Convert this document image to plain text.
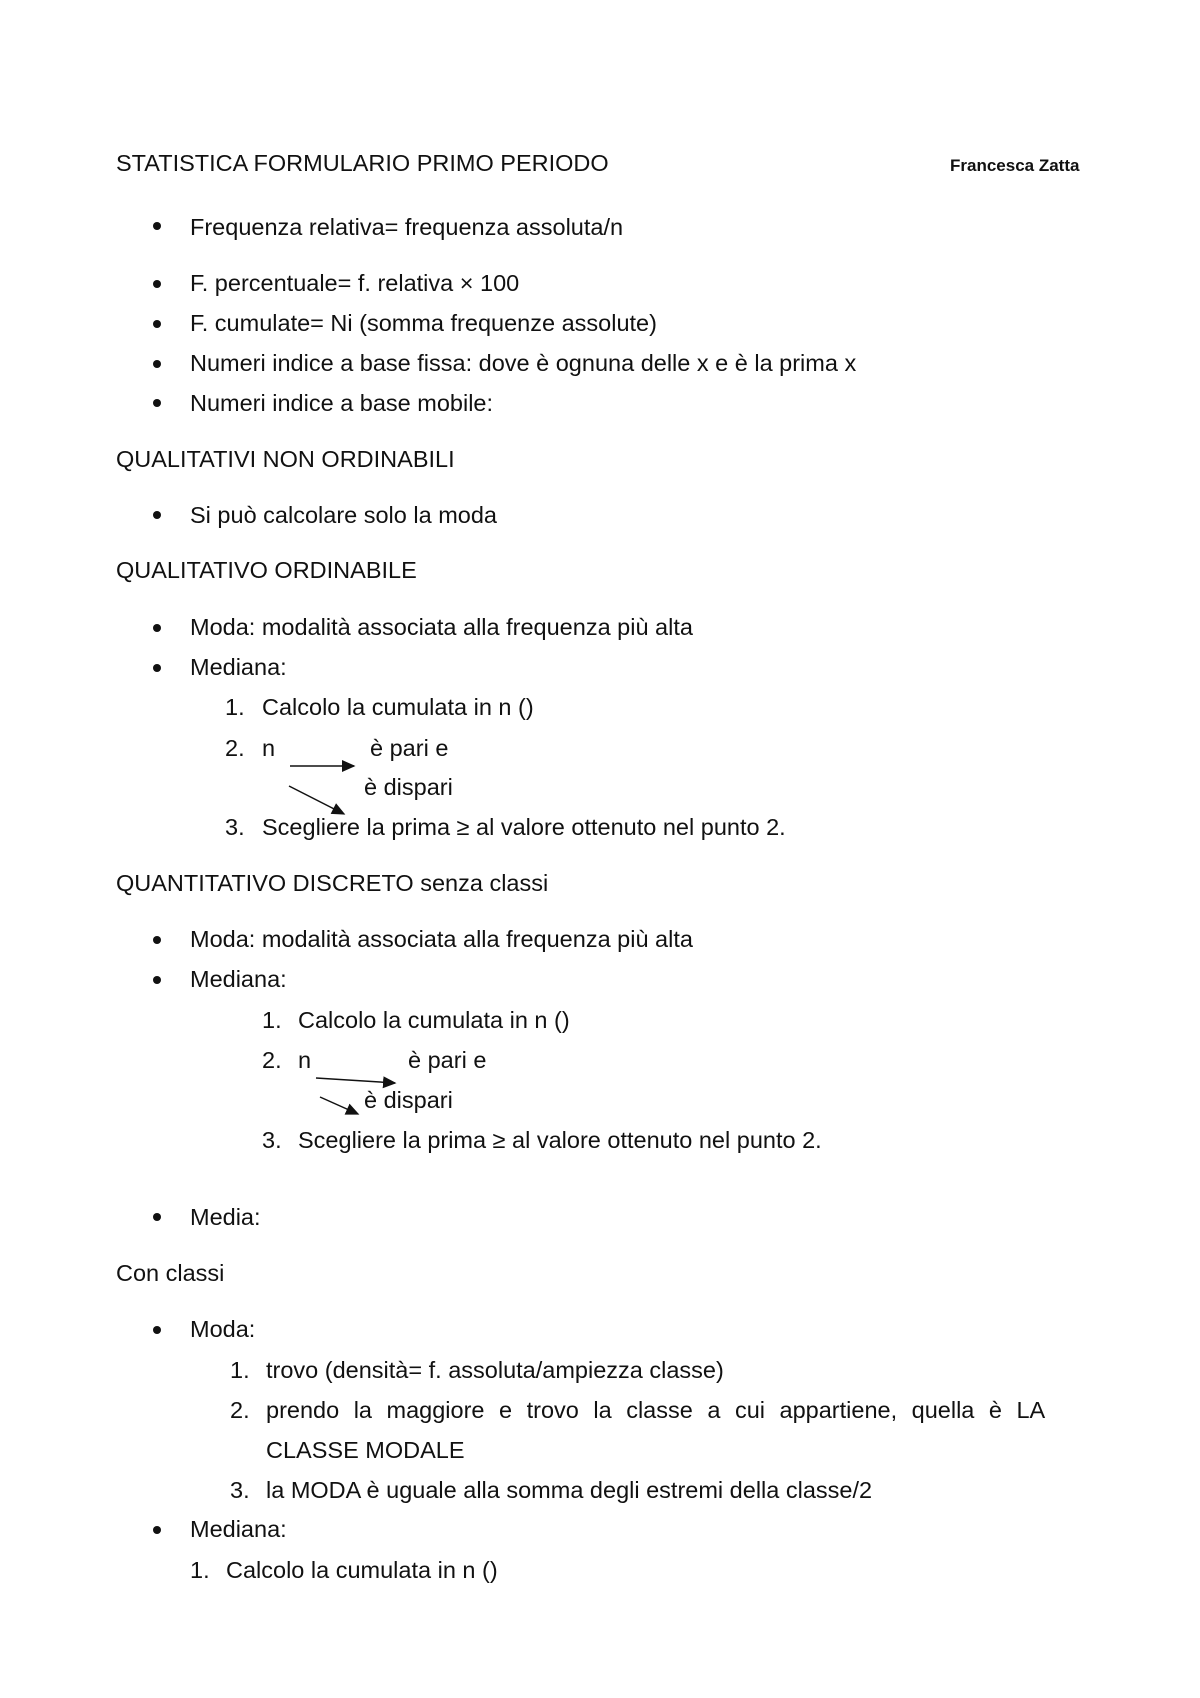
STATISTICA FORMULARIO PRIMO PERIODO	Francesca Zatta
Frequenza relativa= frequenza assoluta/n
F. percentuale= f. relativa × 100
F. cumulate= Ni (somma frequenze assolute)
Numeri indice a base fissa: dove è ognuna delle x e è la prima x
Numeri indice a base mobile:
QUALITATIVI NON ORDINABILI
Si può calcolare solo la moda
QUALITATIVO ORDINABILE
Moda: modalità associata alla frequenza più alta
Mediana:
1. Calcolo la cumulata in n ()
2. n	è pari e
è dispari
3. Scegliere la prima ≥ al valore ottenuto nel punto 2.
QUANTITATIVO DISCRETO senza classi
Moda: modalità associata alla frequenza più alta
Mediana:
1. Calcolo la cumulata in n ()
2. n	è pari e
è dispari
3. Scegliere la prima ≥ al valore ottenuto nel punto 2.
Media:
Con classi
Moda:
1. trovo (densità= f. assoluta/ampiezza classe)
2. prendo la maggiore e trovo la classe a cui appartiene, quella è LA
CLASSE MODALE
3. la MODA è uguale alla somma degli estremi della classe/2
Mediana:
1. Calcolo la cumulata in n ()
